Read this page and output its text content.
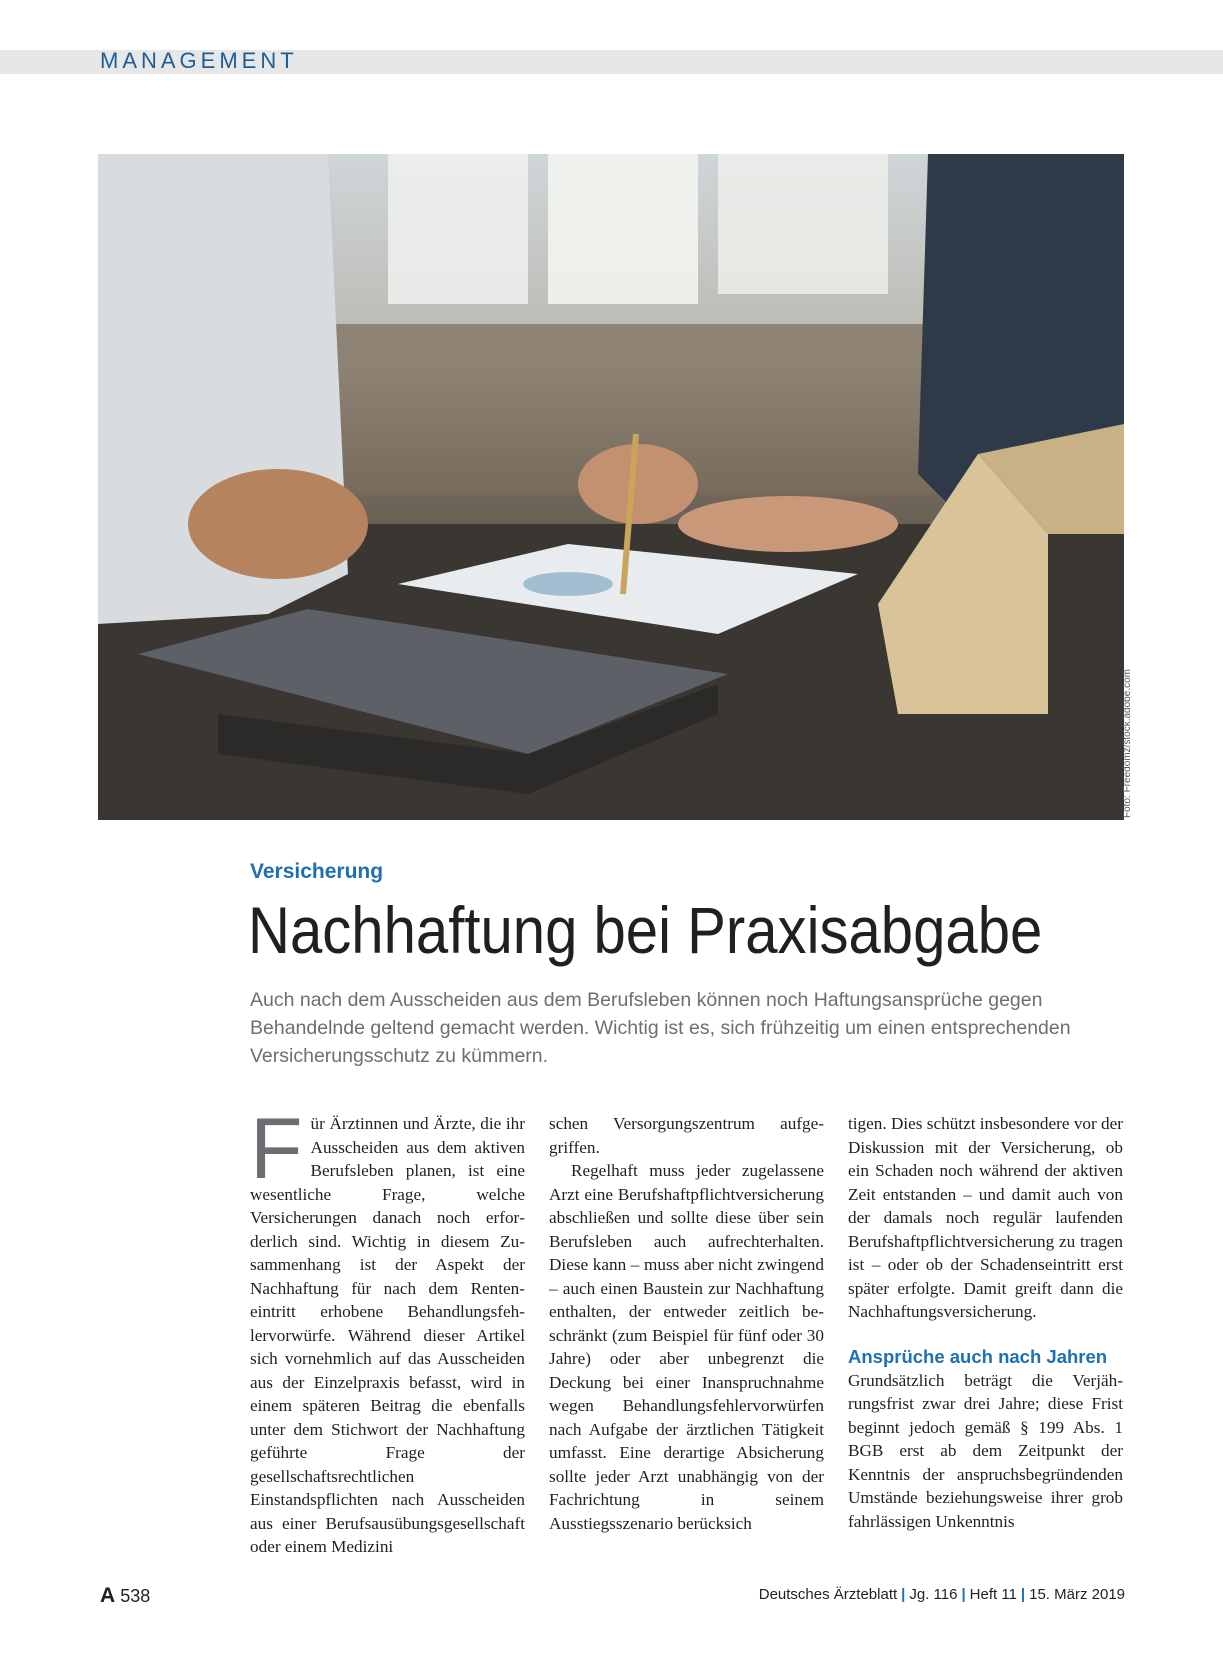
MANAGEMENT
Foto: Freedomz/stock.adobe.com
Versicherung
Nachhaftung bei Praxisabgabe
Auch nach dem Ausscheiden aus dem Berufsleben können noch Haftungsansprüche gegen Behandelnde geltend gemacht werden. Wichtig ist es, sich frühzeitig um einen entsprechenden Versicherungsschutz zu kümmern.
F ür Ärztinnen und Ärzte, die ihr Ausscheiden aus dem aktiven Berufsleben planen, ist eine wesentliche Frage, welche Versicherungen danach noch erforderlich sind. Wichtig in diesem Zusammenhang ist der Aspekt der Nachhaftung für nach dem Renteneintritt erhobene Behandlungsfehlervorwürfe. Während dieser Artikel sich vornehmlich auf das Ausscheiden aus der Einzelpraxis befasst, wird in einem späteren Beitrag die ebenfalls unter dem Stichwort der Nachhaftung geführte Frage der gesellschaftsrechtlichen Einstandspflichten nach Ausscheiden aus einer Berufsausübungsgesellschaft oder einem Medizini

schen Versorgungszentrum aufgegriffen.

Regelhaft muss jeder zugelassene Arzt eine Berufshaftpflichtversicherung abschließen und sollte diese über sein Berufsleben auch aufrechterhalten. Diese kann – muss aber nicht zwingend – auch einen Baustein zur Nachhaftung enthalten, der entweder zeitlich beschränkt (zum Beispiel für fünf oder 30 Jahre) oder aber unbegrenzt die Deckung bei einer Inanspruchnahme wegen Behandlungsfehlervorwürfen nach Aufgabe der ärztlichen Tätigkeit umfasst. Eine derartige Absicherung sollte jeder Arzt unabhängig von der Fachrichtung in seinem Ausstiegsszenario berücksich

tigen. Dies schützt insbesondere vor der Diskussion mit der Versicherung, ob ein Schaden noch während der aktiven Zeit entstanden – und damit auch von der damals noch regulär laufenden Berufshaftpflichtversicherung zu tragen ist – oder ob der Schadenseintritt erst später erfolgte. Damit greift dann die Nachhaftungsversicherung.

Ansprüche auch nach Jahren

Grundsätzlich beträgt die Verjährungsfrist zwar drei Jahre; diese Frist beginnt jedoch gemäß § 199 Abs. 1 BGB erst ab dem Zeitpunkt der Kenntnis der anspruchsbegründenden Umstände beziehungsweise ihrer grob fahrlässigen Unkenntnis

A 538	Deutsches Ärzteblatt | Jg. 116 | Heft 11 | 15. März 2019
